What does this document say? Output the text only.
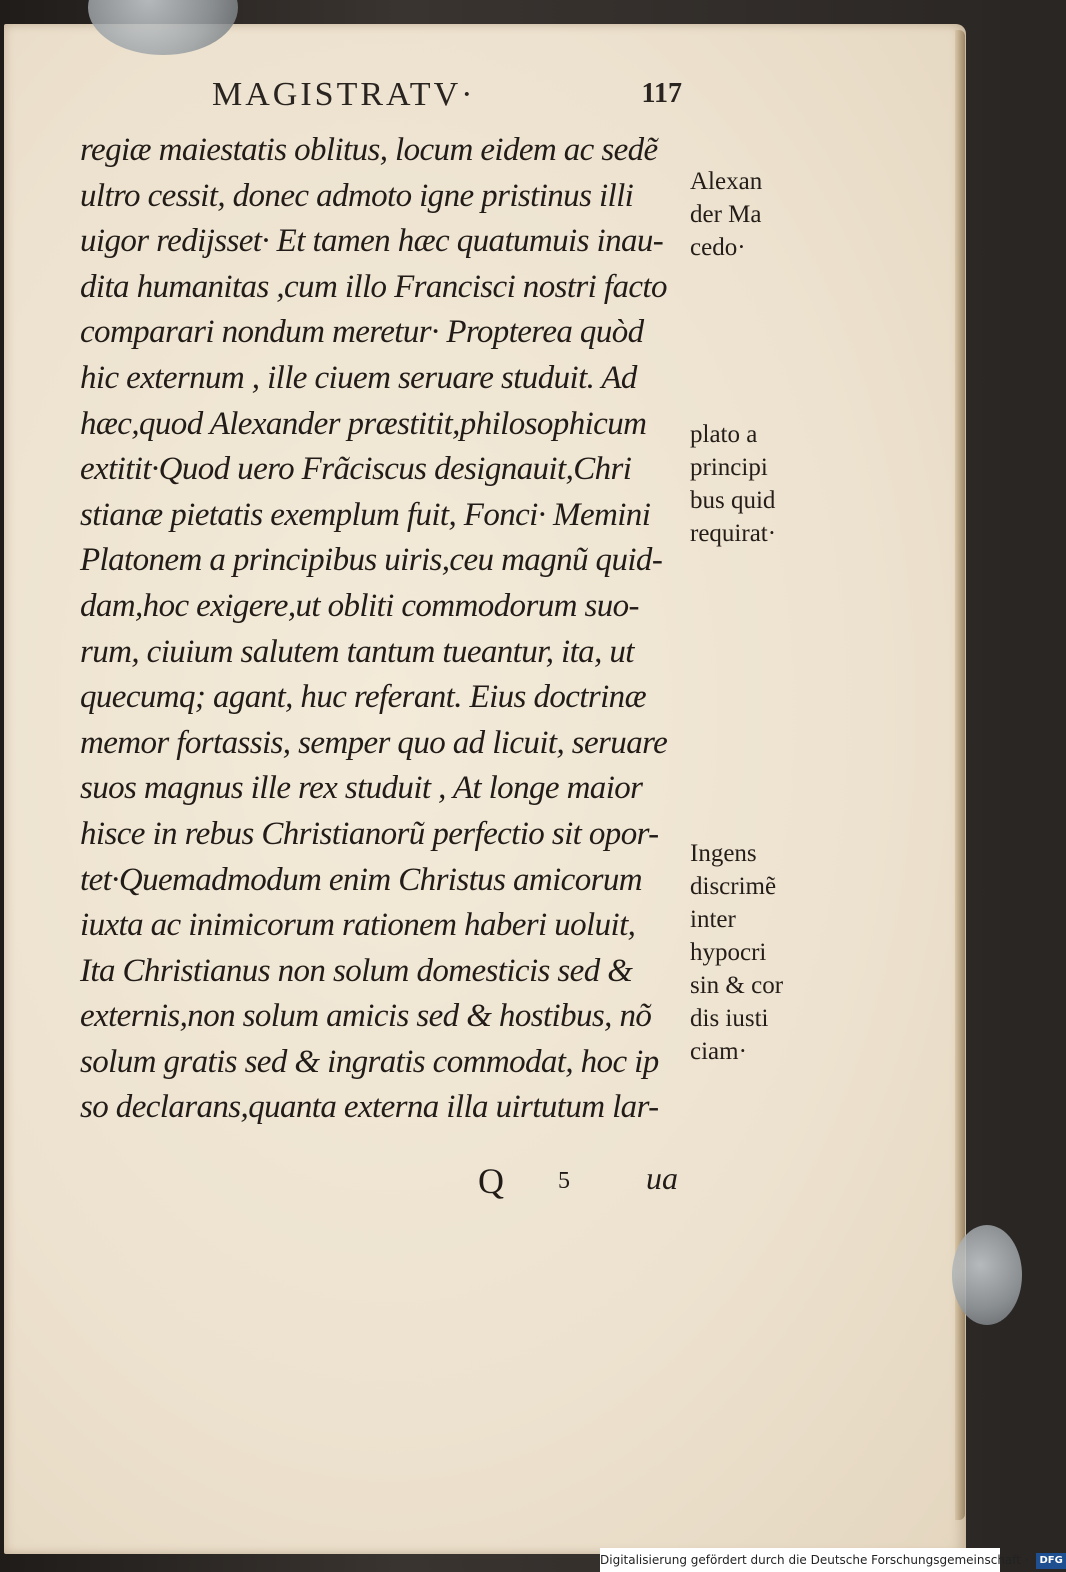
MAGISTRATV·	117
regiæ maiestatis oblitus, locum eidem ac sedẽ
ultro cessit, donec admoto igne pristinus illi
uigor redijsset· Et tamen hæc quatumuis inau-
dita humanitas ,cum illo Francisci nostri facto
comparari nondum meretur· Propterea quòd
hic externum , ille ciuem seruare studuit. Ad
hæc,quod Alexander præstitit,philosophicum
extitit·Quod uero Frãciscus designauit,Chri
stianæ pietatis exemplum fuit, Fonci· Memini
Platonem a principibus uiris,ceu magnũ quid-
dam,hoc exigere,ut obliti commodorum suo-
rum, ciuium salutem tantum tueantur, ita, ut
quecumq; agant, huc referant. Eius doctrinæ
memor fortassis, semper quo ad licuit, seruare
suos magnus ille rex studuit , At longe maior
hisce in rebus Christianorũ perfectio sit opor-
tet·Quemadmodum enim Christus amicorum
iuxta ac inimicorum rationem haberi uoluit,
Ita Christianus non solum domesticis sed &
externis,non solum amicis sed & hostibus, nõ
solum gratis sed & ingratis commodat, hoc ip
so declarans,quanta externa illa uirtutum lar-
Alexan
der Ma
cedo·
plato a
principi
bus quid
requirat·
Ingens
discrimẽ
inter
hypocri
sin & cor
dis iusti
ciam·
Q 5 ua
Digitalisierung gefördert durch die Deutsche Forschungsgemeinschaft · DFG
